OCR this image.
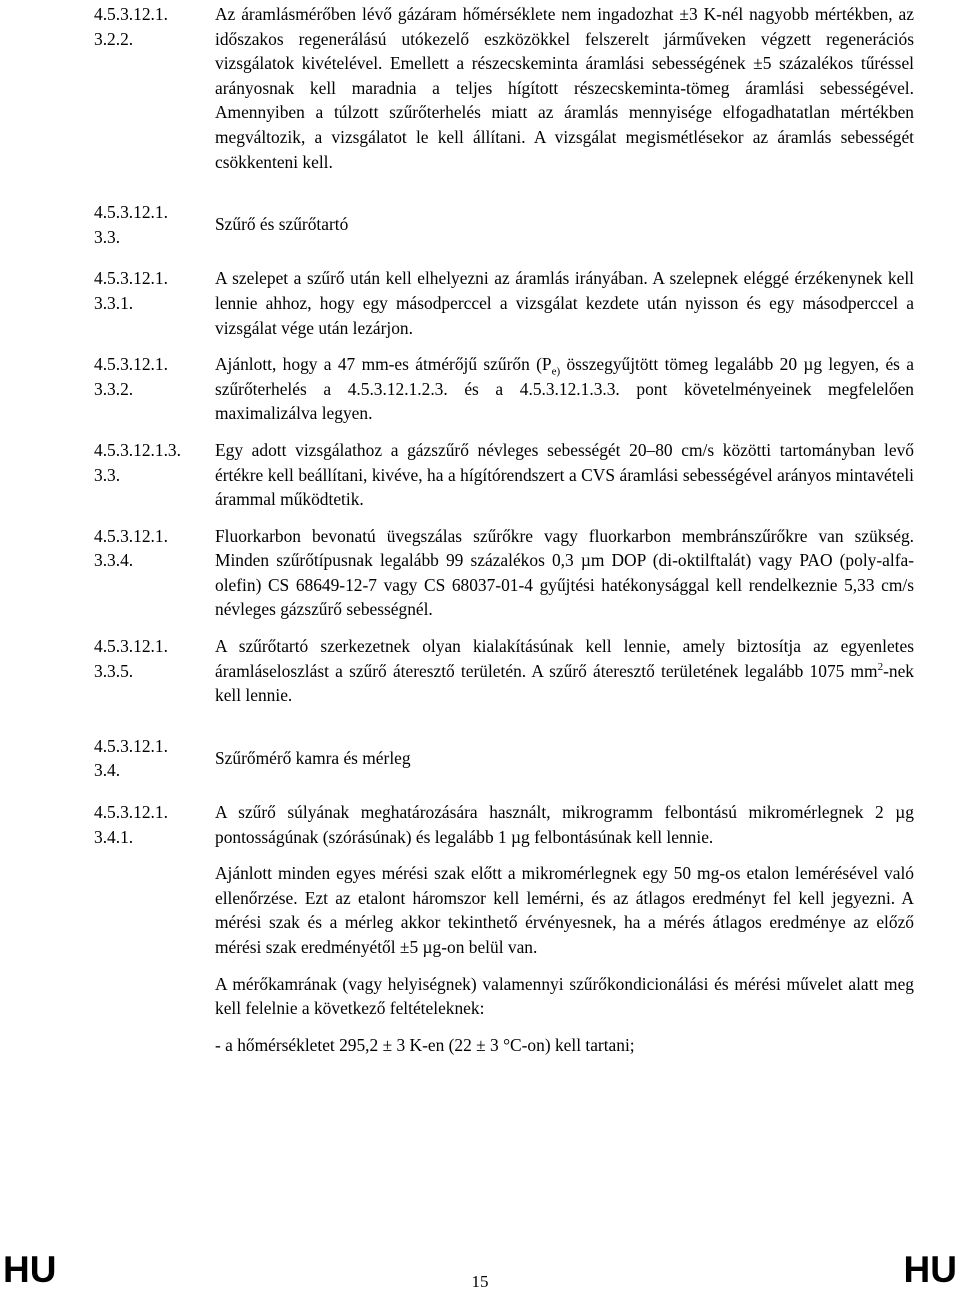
4.5.3.12.1.
3.2.2.

Az áramlásmérőben lévő gázáram hőmérséklete nem ingadozhat ±3 K-nél nagyobb mértékben, az időszakos regenerálású utókezelő eszközökkel felszerelt járműveken végzett regenerációs vizsgálatok kivételével. Emellett a részecskeminta áramlási sebességének ±5 százalékos tűréssel arányosnak kell maradnia a teljes hígított részecskeminta-tömeg áramlási sebességével. Amennyiben a túlzott szűrőterhelés miatt az áramlás mennyisége elfogadhatatlan mértékben megváltozik, a vizsgálatot le kell állítani. A vizsgálat megismétlésekor az áramlás sebességét csökkenteni kell.

4.5.3.12.1.
3.3.

Szűrő és szűrőtartó

4.5.3.12.1.
3.3.1.

A szelepet a szűrő után kell elhelyezni az áramlás irányában. A szelepnek eléggé érzékenynek kell lennie ahhoz, hogy egy másodperccel a vizsgálat kezdete után nyisson és egy másodperccel a vizsgálat vége után lezárjon.

4.5.3.12.1.
3.3.2.

Ajánlott, hogy a 47 mm-es átmérőjű szűrőn ($P_{e)}$ összegyűjtött tömeg legalább 20 µg legyen, és a szűrőterhelés a 4.5.3.12.1.2.3. és a 4.5.3.12.1.3.3. pont követelményeinek megfelelően maximalizálva legyen.

4.5.3.12.1.3.
3.3.

Egy adott vizsgálathoz a gázszűrő névleges sebességét 20–80 cm/s közötti tartományban levő értékre kell beállítani, kivéve, ha a hígítórendszert a CVS áramlási sebességével arányos mintavételi árammal működtetik.

4.5.3.12.1.
3.3.4.

Fluorkarbon bevonatú üvegszálas szűrőkre vagy fluorkarbon membránszűrőkre van szükség. Minden szűrőtípusnak legalább 99 százalékos 0,3 µm DOP (di-oktilftalát) vagy PAO (poly-alfa-olefin) CS 68649-12-7 vagy CS 68037-01-4 gyűjtési hatékonysággal kell rendelkeznie 5,33 cm/s névleges gázszűrő sebességnél.

4.5.3.12.1.
3.3.5.

A szűrőtartó szerkezetnek olyan kialakításúnak kell lennie, amely biztosítja az egyenletes áramláseloszlást a szűrő áteresztő területén. A szűrő áteresztő területének legalább 1075 $mm^2$-nek kell lennie.

4.5.3.12.1.
3.4.

Szűrőmérő kamra és mérleg

4.5.3.12.1.
3.4.1.

A szűrő súlyának meghatározására használt, mikrogramm felbontású mikromérlegnek 2 µg pontosságúnak (szórásúnak) és legalább 1 µg felbontásúnak kell lennie.

Ajánlott minden egyes mérési szak előtt a mikromérlegnek egy 50 mg-os etalon lemérésével való ellenőrzése. Ezt az etalont háromszor kell lemérni, és az átlagos eredményt fel kell jegyezni. A mérési szak és a mérleg akkor tekinthető érvényesnek, ha a mérés átlagos eredménye az előző mérési szak eredményétől ±5 µg-on belül van.

A mérőkamrának (vagy helyiségnek) valamennyi szűrőkondicionálási és mérési művelet alatt meg kell felelnie a következő feltételeknek:

- a hőmérsékletet 295,2 ± 3 K-en (22 ± 3 °C-on) kell tartani;

HU	15	HU
